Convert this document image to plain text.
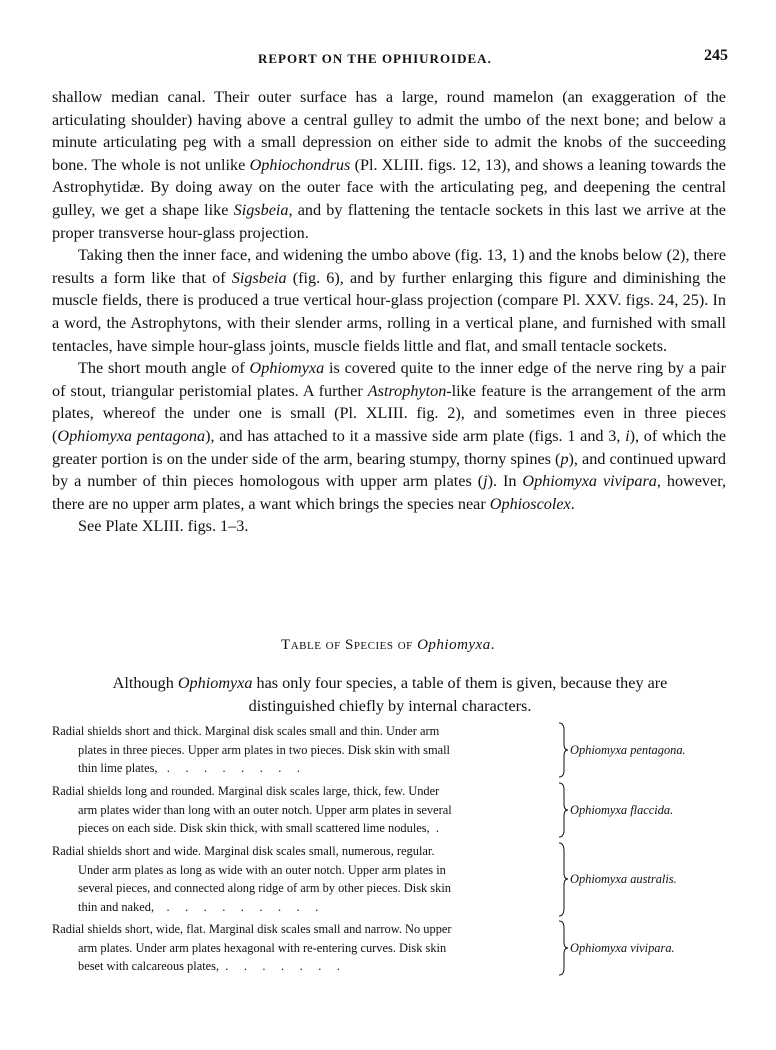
REPORT ON THE OPHIUROIDEA.	245

shallow median canal. Their outer surface has a large, round mamelon (an exaggeration of the articulating shoulder) having above a central gulley to admit the umbo of the next bone; and below a minute articulating peg with a small depression on either side to admit the knobs of the succeeding bone. The whole is not unlike Ophiochondrus (Pl. XLIII. figs. 12, 13), and shows a leaning towards the Astrophytidæ. By doing away on the outer face with the articulating peg, and deepening the central gulley, we get a shape like Sigsbeia, and by flattening the tentacle sockets in this last we arrive at the proper transverse hour-glass projection.

Taking then the inner face, and widening the umbo above (fig. 13, 1) and the knobs below (2), there results a form like that of Sigsbeia (fig. 6), and by further enlarging this figure and diminishing the muscle fields, there is produced a true vertical hour-glass projection (compare Pl. XXV. figs. 24, 25). In a word, the Astrophytons, with their slender arms, rolling in a vertical plane, and furnished with small tentacles, have simple hour-glass joints, muscle fields little and flat, and small tentacle sockets.

The short mouth angle of Ophiomyxa is covered quite to the inner edge of the nerve ring by a pair of stout, triangular peristomial plates. A further Astrophyton-like feature is the arrangement of the arm plates, whereof the under one is small (Pl. XLIII. fig. 2), and sometimes even in three pieces (Ophiomyxa pentagona), and has attached to it a massive side arm plate (figs. 1 and 3, i), of which the greater portion is on the under side of the arm, bearing stumpy, thorny spines (p), and continued upward by a number of thin pieces homologous with upper arm plates (j). In Ophiomyxa vivipara, however, there are no upper arm plates, a want which brings the species near Ophioscolex.

See Plate XLIII. figs. 1–3.

Table of Species of Ophiomyxa.
Although Ophiomyxa has only four species, a table of them is given, because they are distinguished chiefly by internal characters.
Radial shields short and thick. Marginal disk scales small and thin. Under arm
plates in three pieces. Upper arm plates in two pieces. Disk skin with small
thin lime plates,   .     .     .     .     .     .     .     .
Ophiomyxa pentagona.
Radial shields long and rounded. Marginal disk scales large, thick, few. Under
arm plates wider than long with an outer notch. Upper arm plates in several
pieces on each side. Disk skin thick, with small scattered lime nodules,  .
Ophiomyxa flaccida.
Radial shields short and wide. Marginal disk scales small, numerous, regular.
Under arm plates as long as wide with an outer notch. Upper arm plates in
several pieces, and connected along ridge of arm by other pieces. Disk skin
thin and naked,    .     .     .     .     .     .     .     .     .
Ophiomyxa australis.
Radial shields short, wide, flat. Marginal disk scales small and narrow. No upper
arm plates. Under arm plates hexagonal with re-entering curves. Disk skin
beset with calcareous plates,  .     .     .     .     .     .     .
Ophiomyxa vivipara.
